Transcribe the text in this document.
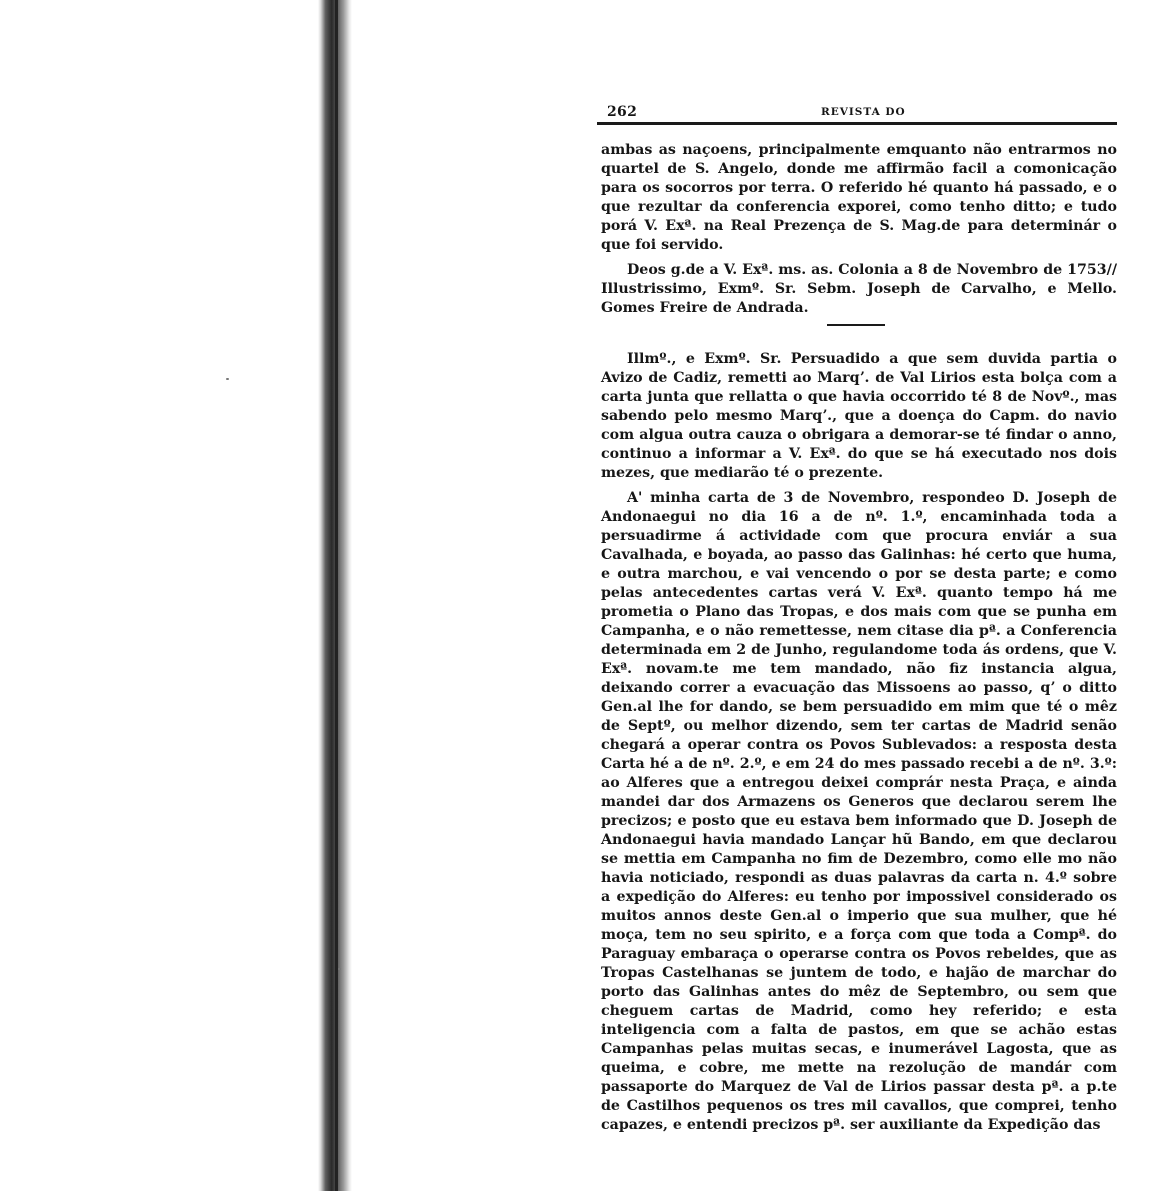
262	REVISTA DO

ambas as naçoens, principalmente emquanto não entrarmos no quartel de S. Angelo, donde me affirmão facil a comonicação para os socorros por terra. O referido hé quanto há passado, e o que rezultar da conferencia exporei, como tenho ditto; e tudo porá V. Exª. na Real Prezença de S. Mag.de para determinár o que foi servido.

Deos g.de a V. Exª. ms. as. Colonia a 8 de Novembro de 1753// Illustrissimo, Exmº. Sr. Sebm. Joseph de Carvalho, e Mello. Gomes Freire de Andrada.

Illmº., e Exmº. Sr. Persuadido a que sem duvida partia o Avizo de Cadiz, remetti ao Marqʼ. de Val Lirios esta bolça com a carta junta que rellatta o que havia occorrido té 8 de Novº., mas sabendo pelo mesmo Marqʼ., que a doença do Capm. do navio com algua outra cauza o obrigara a demorar-se té findar o anno, continuo a informar a V. Exª. do que se há executado nos dois mezes, que mediarão té o prezente.

A' minha carta de 3 de Novembro, respondeo D. Joseph de Andonaegui no dia 16 a de nº. 1.º, encaminhada toda a persuadirme á actividade com que procura enviár a sua Cavalhada, e boyada, ao passo das Galinhas: hé certo que huma, e outra marchou, e vai vencendo o por se desta parte; e como pelas antecedentes cartas verá V. Exª. quanto tempo há me prometia o Plano das Tropas, e dos mais com que se punha em Campanha, e o não remettesse, nem citase dia pª. a Conferencia determinada em 2 de Junho, regulandome toda ás ordens, que V. Exª. novam.te me tem mandado, não fiz instancia algua, deixando correr a evacuação das Missoens ao passo, qʼ o ditto Gen.al lhe for dando, se bem persuadido em mim que té o mêz de Septº, ou melhor dizendo, sem ter cartas de Madrid senão chegará a operar contra os Povos Sublevados: a resposta desta Carta hé a de nº. 2.º, e em 24 do mes passado recebi a de nº. 3.º: ao Alferes que a entregou deixei comprár nesta Praça, e ainda mandei dar dos Armazens os Generos que declarou serem lhe precizos; e posto que eu estava bem informado que D. Joseph de Andonaegui havia mandado Lançar hũ Bando, em que declarou se mettia em Campanha no fim de Dezembro, como elle mo não havia noticiado, respondi as duas palavras da carta n. 4.º sobre a expedição do Alferes: eu tenho por impossivel considerado os muitos annos deste Gen.al o imperio que sua mulher, que hé moça, tem no seu spirito, e a força com que toda a Compª. do Paraguay embaraça o operarse contra os Povos rebeldes, que as Tropas Castelhanas se juntem de todo, e hajão de marchar do porto das Galinhas antes do mêz de Septembro, ou sem que cheguem cartas de Madrid, como hey referido; e esta inteligencia com a falta de pastos, em que se achão estas Campanhas pelas muitas secas, e inumerável Lagosta, que as queima, e cobre, me mette na rezolução de mandár com passaporte do Marquez de Val de Lirios passar desta pª. a p.te de Castilhos pequenos os tres mil cavallos, que comprei, tenho capazes, e entendi precizos pª. ser auxiliante da Expedição das
